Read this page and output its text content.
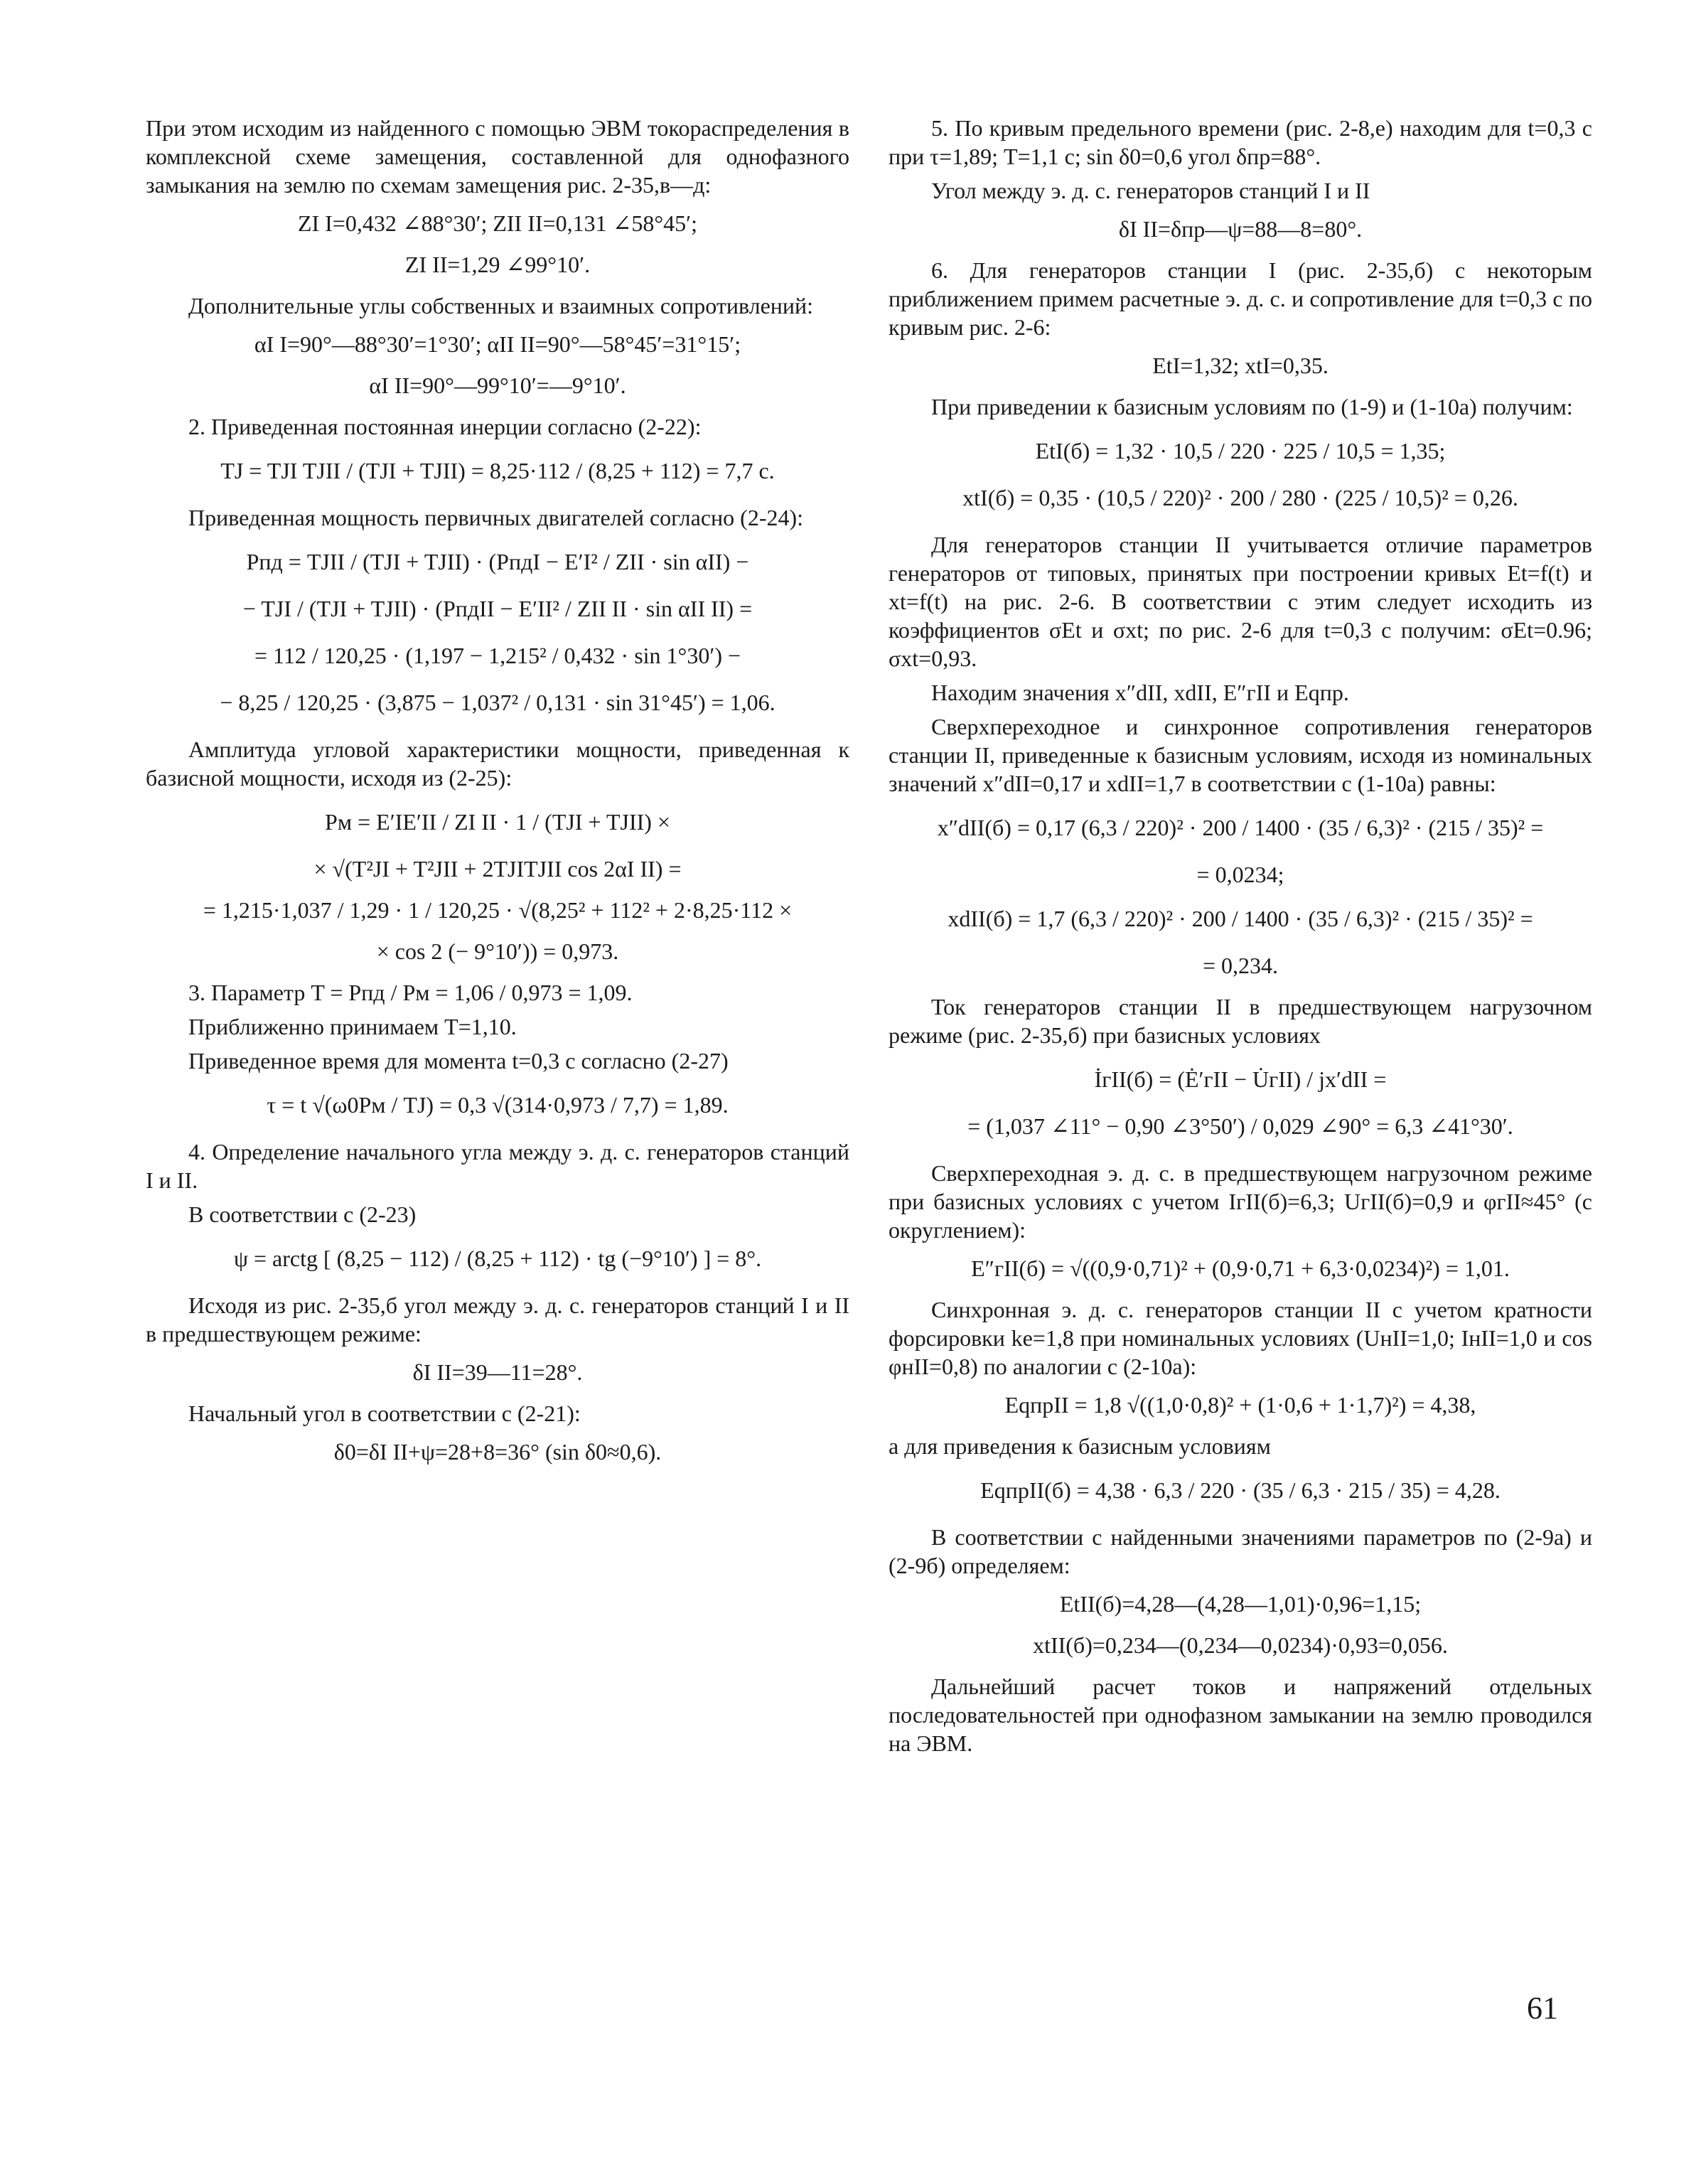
При этом исходим из найденного с помощью ЭВМ токораспределения в комплексной схеме замещения, составленной для однофазного замыкания на землю по схемам замещения рис. 2-35,в—д:

ZI I=0,432 ∠88°30′; ZII II=0,131 ∠58°45′;
ZI II=1,29 ∠99°10′.

Дополнительные углы собственных и взаимных сопротивлений:

αI I=90°—88°30′=1°30′; αII II=90°—58°45′=31°15′;
αI II=90°—99°10′=—9°10′.

2. Приведенная постоянная инерции согласно (2-22):

TJ = TJI TJII / (TJI + TJII) = 8,25·112 / (8,25 + 112) = 7,7 с.

Приведенная мощность первичных двигателей согласно (2-24):

Pпд = TJII / (TJI + TJII) · (PпдI − E′I² / ZII · sin αII) −
− TJI / (TJI + TJII) · (PпдII − E′II² / ZII II · sin αII II) =
= 112 / 120,25 · (1,197 − 1,215² / 0,432 · sin 1°30′) −
− 8,25 / 120,25 · (3,875 − 1,037² / 0,131 · sin 31°45′) = 1,06.

Амплитуда угловой характеристики мощности, приведенная к базисной мощности, исходя из (2-25):

Pм = E′IE′II / ZI II · 1 / (TJI + TJII) ×
× √(T²JI + T²JII + 2TJITJII cos 2αI II) =
= 1,215·1,037 / 1,29 · 1 / 120,25 · √(8,25² + 112² + 2·8,25·112 ×
× cos 2 (− 9°10′)) = 0,973.

3. Параметр T = Pпд / Pм = 1,06 / 0,973 = 1,09.

Приближенно принимаем T=1,10.

Приведенное время для момента t=0,3 с согласно (2-27)

τ = t √(ω0Pм / TJ) = 0,3 √(314·0,973 / 7,7) = 1,89.

4. Определение начального угла между э. д. с. генераторов станций I и II.

В соответствии с (2-23)

ψ = arctg [ (8,25 − 112) / (8,25 + 112) · tg (−9°10′) ] = 8°.

Исходя из рис. 2-35,б угол между э. д. с. генераторов станций I и II в предшествующем режиме:

δI II=39—11=28°.

Начальный угол в соответствии с (2-21):

δ0=δI II+ψ=28+8=36° (sin δ0≈0,6).

5. По кривым предельного времени (рис. 2-8,е) находим для t=0,3 с при τ=1,89; T=1,1 с; sin δ0=0,6 угол δпр=88°.

Угол между э. д. с. генераторов станций I и II

δI II=δпр—ψ=88—8=80°.

6. Для генераторов станции I (рис. 2-35,б) с некоторым приближением примем расчетные э. д. с. и сопротивление для t=0,3 с по кривым рис. 2-6:

EtI=1,32; xtI=0,35.

При приведении к базисным условиям по (1-9) и (1-10а) получим:

EtI(б) = 1,32 · 10,5 / 220 · 225 / 10,5 = 1,35;
xtI(б) = 0,35 · (10,5 / 220)² · 200 / 280 · (225 / 10,5)² = 0,26.

Для генераторов станции II учитывается отличие параметров генераторов от типовых, принятых при построении кривых Et=f(t) и xt=f(t) на рис. 2-6. В соответствии с этим следует исходить из коэффициентов σEt и σxt; по рис. 2-6 для t=0,3 с получим: σEt=0.96; σxt=0,93.

Находим значения x″dII, xdII, E″гII и Eqпр.

Сверхпереходное и синхронное сопротивления генераторов станции II, приведенные к базисным условиям, исходя из номинальных значений x″dII=0,17 и xdII=1,7 в соответствии с (1-10а) равны:

x″dII(б) = 0,17 (6,3 / 220)² · 200 / 1400 · (35 / 6,3)² · (215 / 35)² =
= 0,0234;
xdII(б) = 1,7 (6,3 / 220)² · 200 / 1400 · (35 / 6,3)² · (215 / 35)² =
= 0,234.

Ток генераторов станции II в предшествующем нагрузочном режиме (рис. 2-35,б) при базисных условиях

İгII(б) = (Ė′гII − U̇гII) / jx′dII =
= (1,037 ∠11° − 0,90 ∠3°50′) / 0,029 ∠90° = 6,3 ∠41°30′.

Сверхпереходная э. д. с. в предшествующем нагрузочном режиме при базисных условиях с учетом IгII(б)=6,3; UгII(б)=0,9 и φгII≈45° (с округлением):

E″гII(б) = √((0,9·0,71)² + (0,9·0,71 + 6,3·0,0234)²) = 1,01.

Синхронная э. д. с. генераторов станции II с учетом кратности форсировки ke=1,8 при номинальных условиях (UнII=1,0; IнII=1,0 и cos φнII=0,8) по аналогии с (2-10а):

EqпрII = 1,8 √((1,0·0,8)² + (1·0,6 + 1·1,7)²) = 4,38,

а для приведения к базисным условиям

EqпрII(б) = 4,38 · 6,3 / 220 · (35 / 6,3 · 215 / 35) = 4,28.

В соответствии с найденными значениями параметров по (2-9а) и (2-9б) определяем:

EtII(б)=4,28—(4,28—1,01)·0,96=1,15;
xtII(б)=0,234—(0,234—0,0234)·0,93=0,056.

Дальнейший расчет токов и напряжений отдельных последовательностей при однофазном замыкании на землю проводился на ЭВМ.

61
